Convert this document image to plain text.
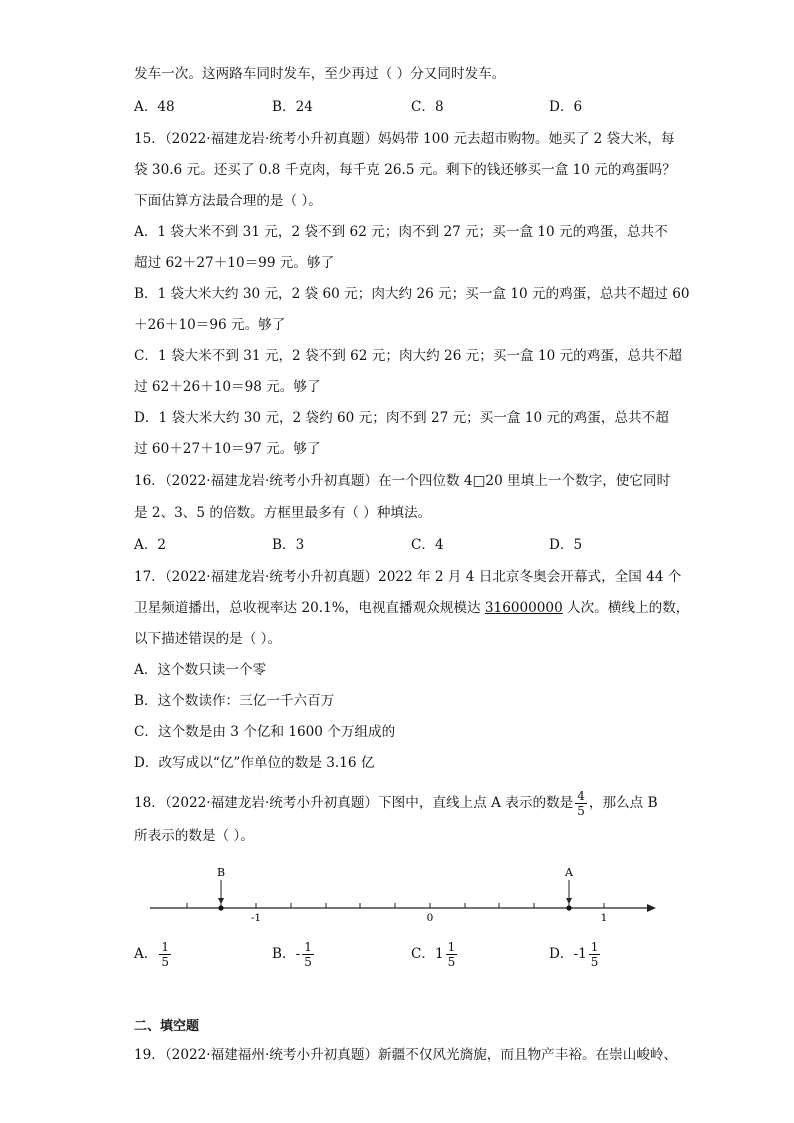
发车一次。这两路车同时发车，至少再过（ ）分又同时发车。
A．48	B．24	C．8	D．6
15．（2022·福建龙岩·统考小升初真题）妈妈带 100 元去超市购物。她买了 2 袋大米，每
袋 30.6 元。还买了 0.8 千克肉，每千克 26.5 元。剩下的钱还够买一盒 10 元的鸡蛋吗？
下面估算方法最合理的是（ ）。
A．1 袋大米不到 31 元，2 袋不到 62 元；肉不到 27 元；买一盒 10 元的鸡蛋，总共不
超过 62＋27＋10＝99 元。够了
B．1 袋大米大约 30 元，2 袋 60 元；肉大约 26 元；买一盒 10 元的鸡蛋，总共不超过 60
＋26＋10＝96 元。够了
C．1 袋大米不到 31 元，2 袋不到 62 元；肉大约 26 元；买一盒 10 元的鸡蛋，总共不超
过 62＋26＋10＝98 元。够了
D．1 袋大米大约 30 元，2 袋约 60 元；肉不到 27 元；买一盒 10 元的鸡蛋，总共不超
过 60＋27＋10＝97 元。够了
16．（2022·福建龙岩·统考小升初真题）在一个四位数 4□20 里填上一个数字，使它同时
是 2、3、5 的倍数。方框里最多有（ ）种填法。
A．2	B．3	C．4	D．5
17．（2022·福建龙岩·统考小升初真题）2022 年 2 月 4 日北京冬奥会开幕式，全国 44 个
卫星频道播出，总收视率达 20.1%，电视直播观众规模达 316000000 人次。横线上的数，
以下描述错误的是（ ）。
A．这个数只读一个零
B．这个数读作：三亿一千六百万
C．这个数是由 3 个亿和 1600 个万组成的
D．改写成以“亿”作单位的数是 3.16 亿
18．（2022·福建龙岩·统考小升初真题）下图中，直线上点 A 表示的数是 $\frac{4}{5}$ ，那么点 B
所表示的数是（ ）。
B	A
-1	0	1
A． $\frac{1}{5}$	B．- $\frac{1}{5}$	C．$1 \frac{1}{5}$	D．$-1 \frac{1}{5}$
二、填空题
19．（2022·福建福州·统考小升初真题）新疆不仅风光旖旎，而且物产丰裕。在崇山峻岭、
